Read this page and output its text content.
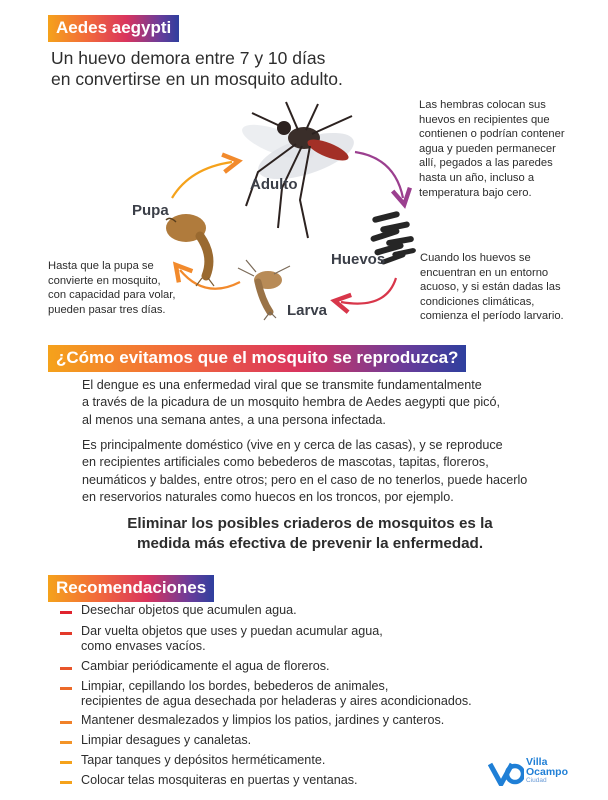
Aedes aegypti
Un huevo demora entre 7 y 10 días
en convertirse en un mosquito adulto.
Adulto
Huevos
Larva
Pupa
Las hembras colocan sus
huevos en recipientes que
contienen o podrían contener
agua y pueden permanecer
allí, pegados a las paredes
hasta un año, incluso a
temperatura bajo cero.
Cuando los huevos se
encuentran en un entorno
acuoso, y si están dadas las
condiciones climáticas,
comienza el período larvario.
Hasta que la pupa se
convierte en mosquito,
con capacidad para volar,
pueden pasar tres días.
¿Cómo evitamos que el mosquito se reproduzca?
El dengue es una enfermedad viral que se transmite fundamentalmente
a través de la picadura de un mosquito hembra de Aedes aegypti que picó,
al menos una semana antes, a una persona infectada.
Es principalmente doméstico (vive en y cerca de las casas), y se reproduce
en recipientes artificiales como bebederos de mascotas, tapitas, floreros,
neumáticos y baldes, entre otros; pero en el caso de no tenerlos, puede hacerlo
en reservorios naturales como huecos en los troncos, por ejemplo.
Eliminar los posibles criaderos de mosquitos es la
medida más efectiva de prevenir la enfermedad.
Recomendaciones
Desechar objetos que acumulen agua.
Dar vuelta objetos que uses y puedan acumular agua,
como envases vacíos.
Cambiar periódicamente el agua de floreros.
Limpiar, cepillando los bordes, bebederos de animales,
recipientes de agua desechada por heladeras y aires acondicionados.
Mantener desmalezados y limpios los patios, jardines y canteros.
Limpiar desagues y canaletas.
Tapar tanques y depósitos herméticamente.
Colocar telas mosquiteras en puertas y ventanas.
Villa
Ocampo
Ciudad
